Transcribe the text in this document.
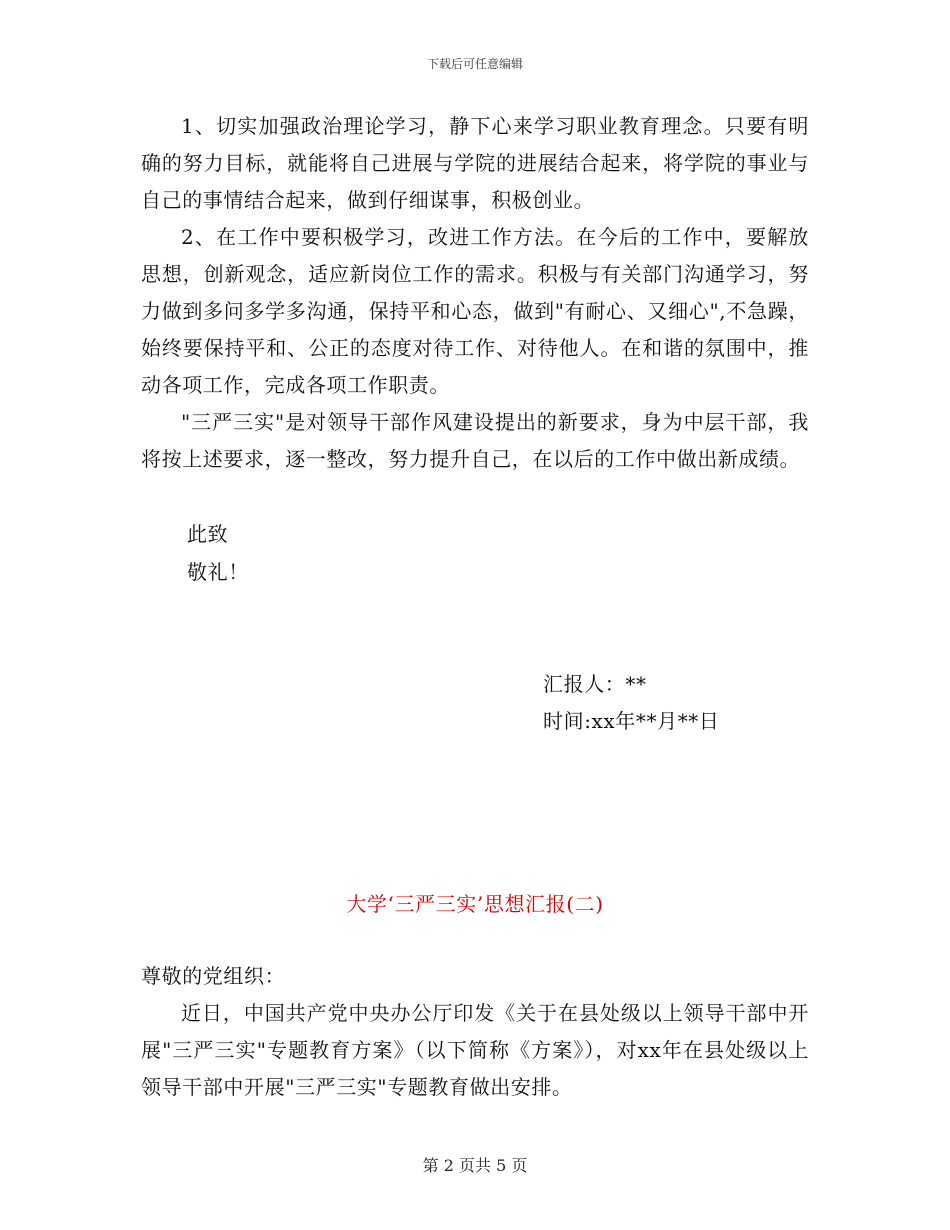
下载后可任意编辑

1、切实加强政治理论学习，静下心来学习职业教育理念。只要有明确的努力目标，就能将自己进展与学院的进展结合起来，将学院的事业与自己的事情结合起来，做到仔细谋事，积极创业。

2、在工作中要积极学习，改进工作方法。在今后的工作中，要解放思想，创新观念，适应新岗位工作的需求。积极与有关部门沟通学习，努力做到多问多学多沟通，保持平和心态，做到"有耐心、又细心",不急躁，始终要保持平和、公正的态度对待工作、对待他人。在和谐的氛围中，推动各项工作，完成各项工作职责。

"三严三实"是对领导干部作风建设提出的新要求，身为中层干部，我将按上述要求，逐一整改，努力提升自己，在以后的工作中做出新成绩。

此致
敬礼！
汇报人：**
时间:xx年**月**日
大学‘三严三实’思想汇报(二)

尊敬的党组织：

近日，中国共产党中央办公厅印发《关于在县处级以上领导干部中开展"三严三实"专题教育方案》（以下简称《方案》），对xx年在县处级以上领导干部中开展"三严三实"专题教育做出安排。

第 2 页共 5 页
